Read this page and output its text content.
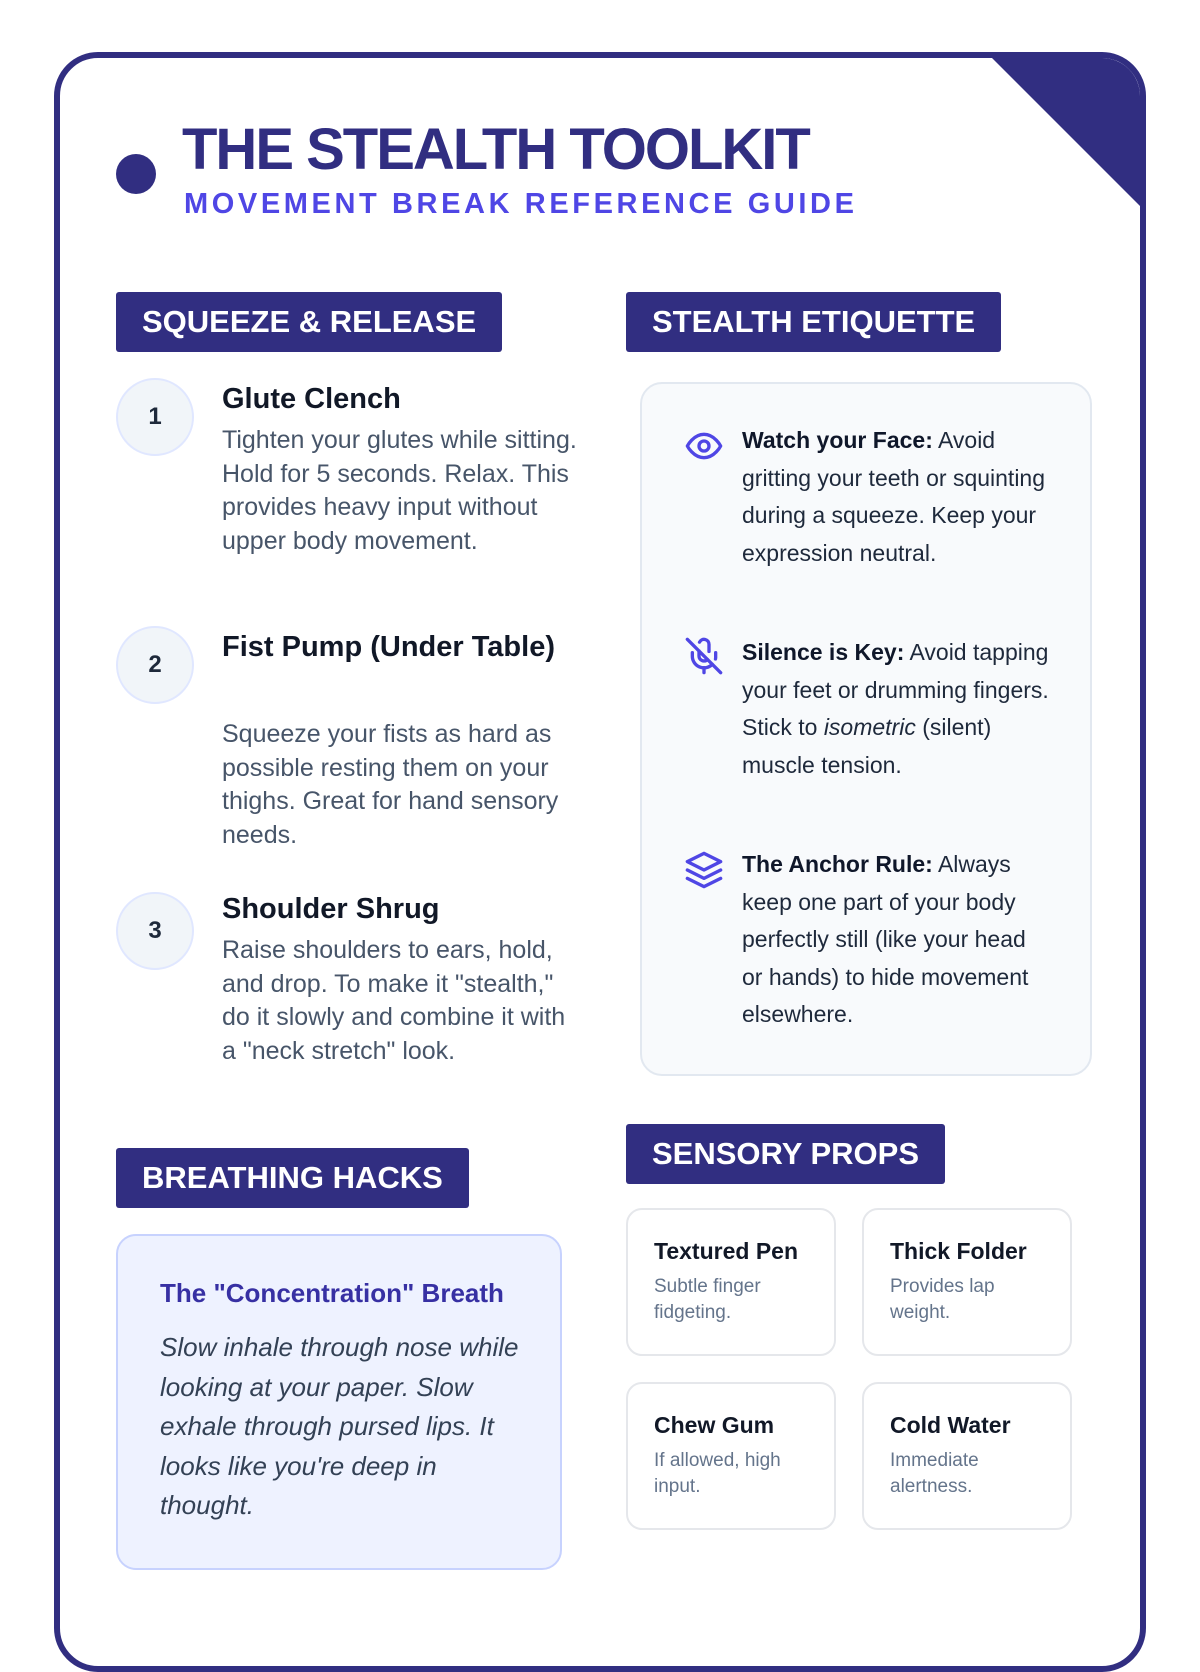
THE STEALTH TOOLKIT
MOVEMENT BREAK REFERENCE GUIDE
SQUEEZE & RELEASE
1
Glute Clench
Tighten your glutes while sitting. Hold for 5 seconds. Relax. This provides heavy input without upper body movement.
2
Fist Pump (Under Table)
Squeeze your fists as hard as possible resting them on your thighs. Great for hand sensory needs.
3
Shoulder Shrug
Raise shoulders to ears, hold, and drop. To make it "stealth," do it slowly and combine it with a "neck stretch" look.
STEALTH ETIQUETTE
Watch your Face: Avoid gritting your teeth or squinting during a squeeze. Keep your expression neutral.
Silence is Key: Avoid tapping your feet or drumming fingers. Stick to isometric (silent) muscle tension.
The Anchor Rule: Always keep one part of your body perfectly still (like your head or hands) to hide movement elsewhere.
BREATHING HACKS
The "Concentration" Breath
Slow inhale through nose while looking at your paper. Slow exhale through pursed lips. It looks like you're deep in thought.
SENSORY PROPS
Textured Pen
Subtle finger fidgeting.
Thick Folder
Provides lap weight.
Chew Gum
If allowed, high input.
Cold Water
Immediate alertness.
